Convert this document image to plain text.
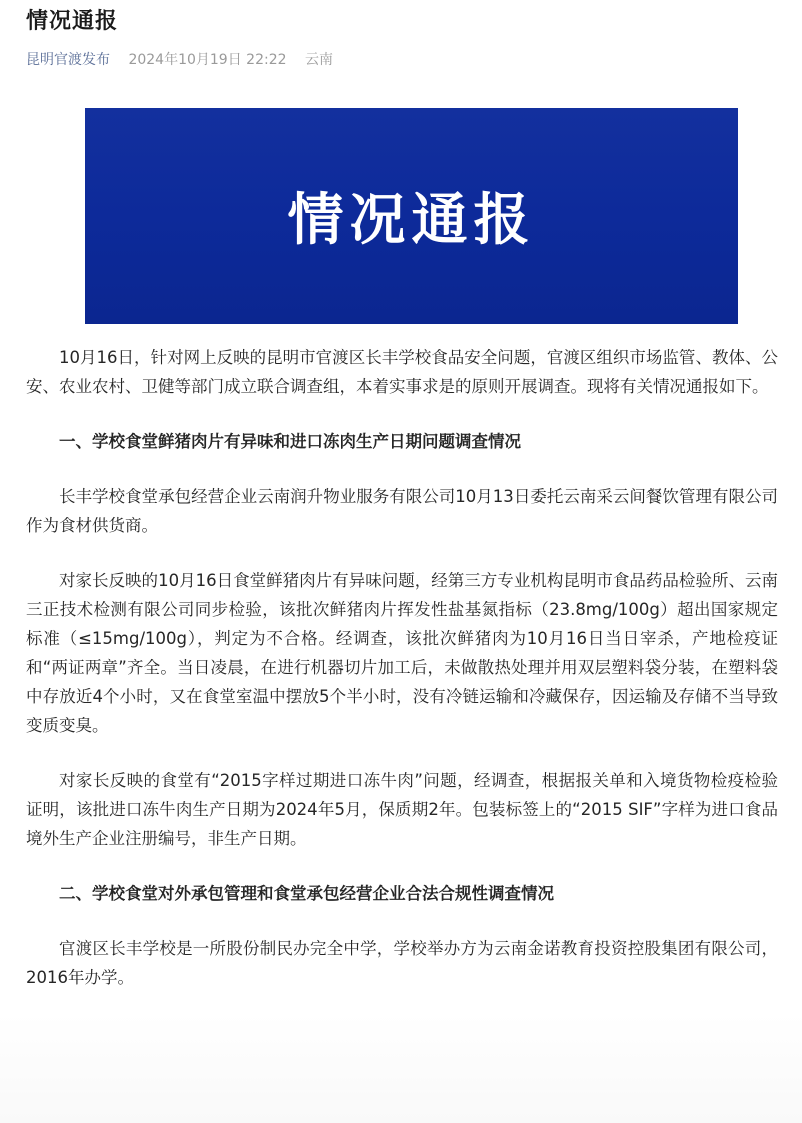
情况通报
昆明官渡发布 2024年10月19日 22:22 云南
情况通报

10月16日，针对网上反映的昆明市官渡区长丰学校食品安全问题，官渡区组织市场监管、教体、公安、农业农村、卫健等部门成立联合调查组，本着实事求是的原则开展调查。现将有关情况通报如下。

一、学校食堂鲜猪肉片有异味和进口冻肉生产日期问题调查情况

长丰学校食堂承包经营企业云南润升物业服务有限公司10月13日委托云南采云间餐饮管理有限公司作为食材供货商。

对家长反映的10月16日食堂鲜猪肉片有异味问题，经第三方专业机构昆明市食品药品检验所、云南三正技术检测有限公司同步检验，该批次鲜猪肉片挥发性盐基氮指标（23.8mg/100g）超出国家规定标准（≤15mg/100g），判定为不合格。经调查，该批次鲜猪肉为10月16日当日宰杀，产地检疫证和“两证两章”齐全。当日凌晨，在进行机器切片加工后，未做散热处理并用双层塑料袋分装，在塑料袋中存放近4个小时，又在食堂室温中摆放5个半小时，没有冷链运输和冷藏保存，因运输及存储不当导致变质变臭。

对家长反映的食堂有“2015字样过期进口冻牛肉”问题，经调查，根据报关单和入境货物检疫检验证明，该批进口冻牛肉生产日期为2024年5月，保质期2年。包装标签上的“2015 SIF”字样为进口食品境外生产企业注册编号，非生产日期。

二、学校食堂对外承包管理和食堂承包经营企业合法合规性调查情况

官渡区长丰学校是一所股份制民办完全中学，学校举办方为云南金诺教育投资控股集团有限公司，2016年办学。
